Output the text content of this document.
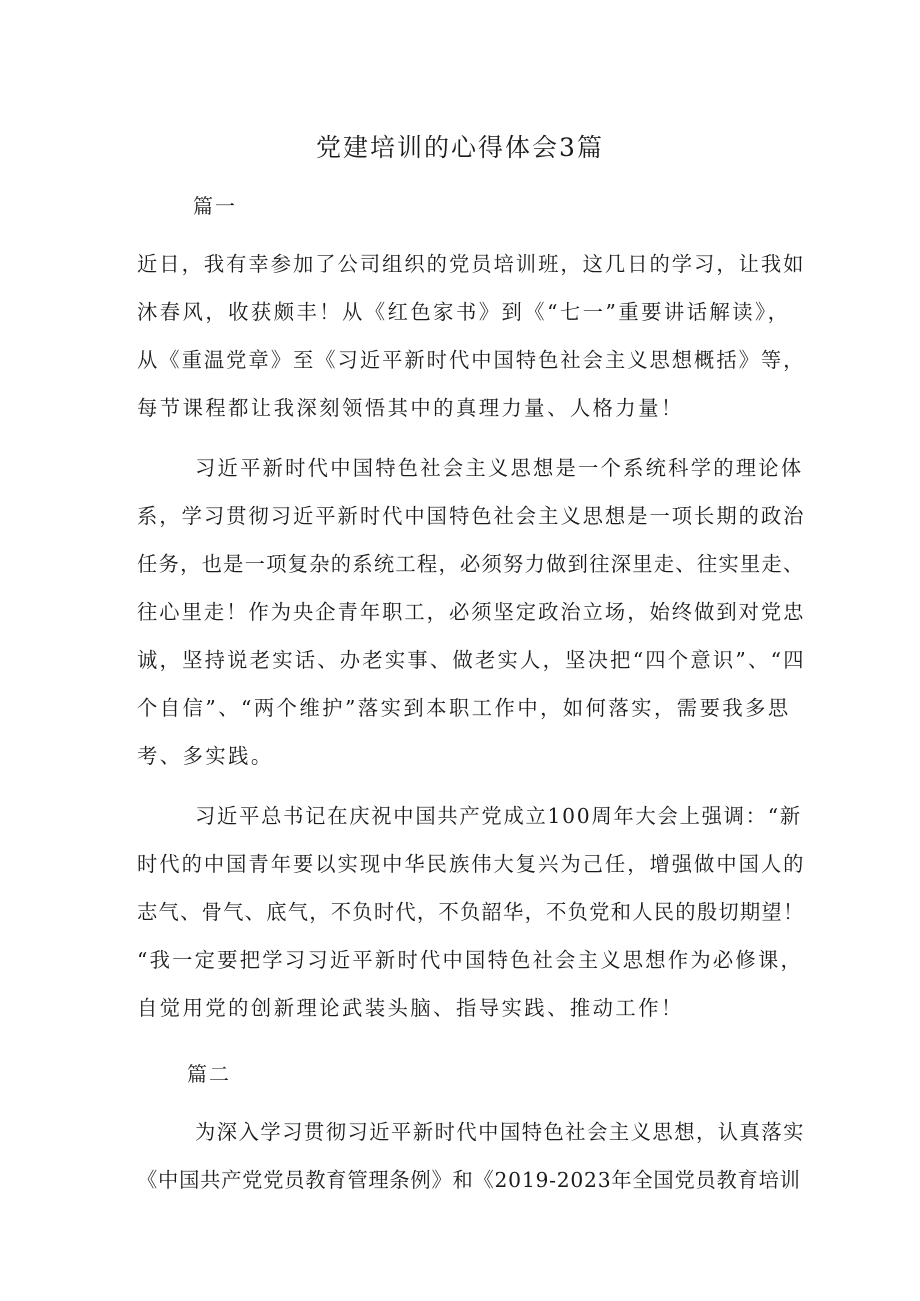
党建培训的心得体会3篇
篇一
近日，我有幸参加了公司组织的党员培训班，这几日的学习，让我如
沐春风，收获颇丰！从《红色家书》到《“七一”重要讲话解读》，
从《重温党章》至《习近平新时代中国特色社会主义思想概括》等，
每节课程都让我深刻领悟其中的真理力量、人格力量！
习近平新时代中国特色社会主义思想是一个系统科学的理论体
系，学习贯彻习近平新时代中国特色社会主义思想是一项长期的政治
任务，也是一项复杂的系统工程，必须努力做到往深里走、往实里走、
往心里走！作为央企青年职工，必须坚定政治立场，始终做到对党忠
诚，坚持说老实话、办老实事、做老实人，坚决把“四个意识”、“四
个自信”、“两个维护”落实到本职工作中，如何落实，需要我多思
考、多实践。
习近平总书记在庆祝中国共产党成立100周年大会上强调：“新
时代的中国青年要以实现中华民族伟大复兴为己任，增强做中国人的
志气、骨气、底气，不负时代，不负韶华，不负党和人民的殷切期望！
“我一定要把学习习近平新时代中国特色社会主义思想作为必修课，
自觉用党的创新理论武装头脑、指导实践、推动工作！
篇二
为深入学习贯彻习近平新时代中国特色社会主义思想，认真落实
《中国共产党党员教育管理条例》和《2019-2023年全国党员教育培训
